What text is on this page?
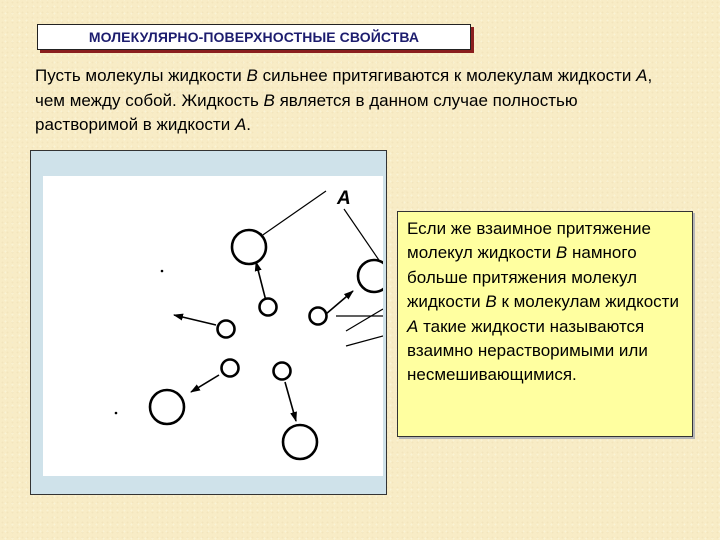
МОЛЕКУЛЯРНО-ПОВЕРХНОСТНЫЕ СВОЙСТВА
Пусть молекулы жидкости В сильнее притягиваются к молекулам жидкости А, чем между собой. Жидкость В является в данном случае полностью растворимой в жидкости А.
A
Если же взаимное притяжение молекул жидкости В намного больше притяжения молекул жидкости В к молекулам жидкости А такие жидкости называются взаимно нерастворимыми или несмешивающимися.
